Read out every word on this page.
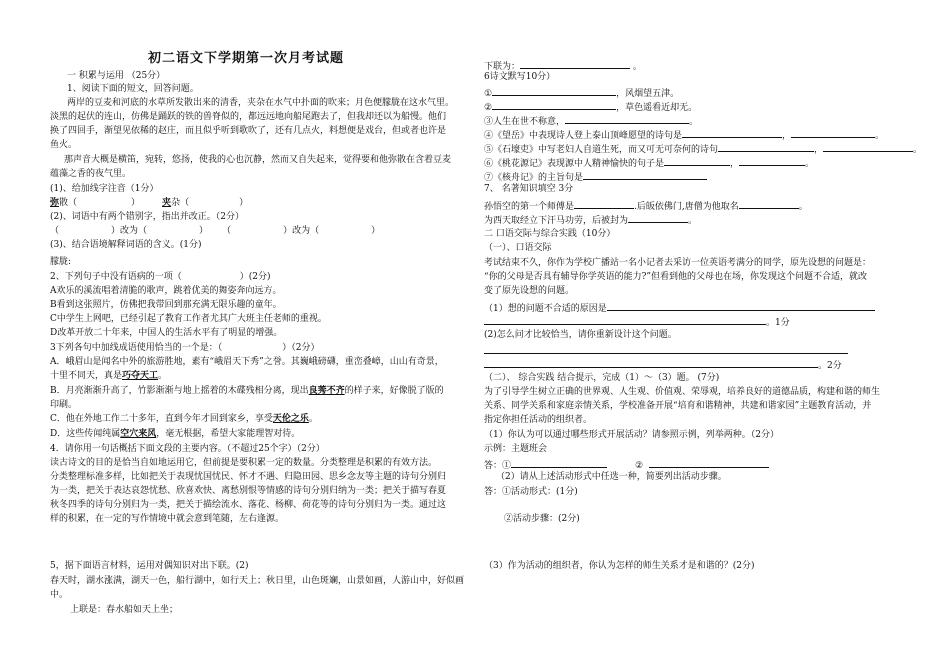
初二语文下学期第一次月考试题
一 积累与运用 （25分）
1、阅读下面的短文，回答问题。
两岸的豆麦和河底的水草所发散出来的清香，夹杂在水气中扑面的吹来；月色便朦胧在这水气里。
淡黑的起伏的连山，仿佛是踊跃的铁的兽脊似的，都远远地向船尾跑去了，但我却还以为船慢。他们
换了四回手，渐望见依稀的赵庄，而且似乎听到歌吹了，还有几点火，料想便是戏台，但或者也许是
鱼火。
那声音大概是横笛，宛转，悠扬，使我的心也沉静，然而又自失起来，觉得要和他弥散在含着豆麦
蕴藻之香的夜气里。
(1)、给加线字注音（1分）
弥散（	） 夹杂（	）
(2)、词语中有两个错别字，指出并改正。（2分）
（	）改为（	） （	）改为（	）
(3)、结合语境解释词语的含义。(1分)
朦胧:
2、下列句子中没有语病的一项（	）(2分)
A欢乐的溪流唱着清脆的歌声，跳着优美的舞姿奔向远方。
B看到这张照片，仿佛把我带回到那充满无限乐趣的童年。
C中学生上网吧，已经引起了教育工作者尤其广大班主任老师的重视。
D改革开放二十年来，中国人的生活水平有了明显的增强。
3下列各句中加线成语使用恰当的一个是：（	）（2分）
A．峨眉山是闻名中外的旅游胜地，素有“峨眉天下秀”之誉。其巍峨磅礴，重峦叠嶂，山山有奇景，
十里不同天，真是巧夺天工。
B．月亮渐渐升高了，竹影渐渐与地上摇着的木碟残相分离，现出良莠不齐的样子来，好像脱了版的
印刷。
C．他在外地工作二十多年，直到今年才回到家乡，享受天伦之乐。
D．这些传闻纯属空穴来风，毫无根据，希望大家能理智对待。
4．请你用一句话概括下面文段的主要内容。（不超过25个字）（2分）
读古诗文的目的是恰当自如地运用它，但前提是要积累一定的数量。分类整理是积累的有效方法。
分类整理标准多样，比如把关于表现忧国忧民、怀才不遇、归隐田园、思乡念友等主题的诗句分别归
为一类，把关于表达哀怨忧愁、欣喜欢快、离愁别恨等情感的诗句分别归纳为一类；把关于描写春夏
秋冬四季的诗句分别归为一类，把关于描绘流水、落花、杨柳、荷花等的诗句分别归为一类。通过这
样的积累，在一定的写作情境中就会意到笔随，左右逢源。
5，据下面语言材料，运用对偶知识对出下联。(2)
春天时，湖水涨满，湖天一色，船行湖中，如行天上；秋日里，山色斑斓，山景如画，人游山中，好似画
中。
上联是：春水船如天上坐；
下联为：	。
6诗文默写10分）
①	，风烟望五津。
②	，草色遥看近却无。
③人生在世不称意，	。
④《望岳》中表现诗人登上泰山顶峰愿望的诗句是	，	。
⑤《石壕吏》中写老妇人自道生死，而又可无可奈何的诗句	，	。
⑥《桃花源记》表现源中人精神愉快的句子是	，	。
⑦《核舟记》的主旨句是
7、 名著知识填空 3分
孙悟空的第一个师傅是	.后皈依佛门,唐僧为他取名	。
为西天取经立下汗马功劳，后被封为	。
二 口语交际与综合实践（10分）
（一）、口语交际
考试结束不久，你作为学校广播站一名小记者去采访一位英语考满分的同学，原先设想的问题是：
“你的父母是否具有辅导你学英语的能力?”但看到他的父母也在场，你发现这个问题不合适，就改
变了原先设想的问题。
（1）想的问题不合适的原因是
。1分
(2)怎么问才比较恰当，请你重新设计这个问题。
。2分
（二）、 综合实践 结合提示，完成（1）～（3）题。 (7分)
为了引导学生树立正确的世界观、人生观、价值观、荣辱观，培养良好的道德品质，构建和谐的师生
关系、同学关系和家庭亲情关系，学校准备开展“培育和谐精神，共建和谐家园”主题教育活动，并
指定你担任活动的组织者。
（1）你认为可以通过哪些形式开展活动？请参照示例，列举两种。（2分）
示例：主题班会
答：①	②
（2）请从上述活动形式中任选一种，简要列出活动步骤。
答：①活动形式：(1分)
②活动步骤：(2分)
（3）作为活动的组织者，你认为怎样的师生关系才是和谐的？(2分)
